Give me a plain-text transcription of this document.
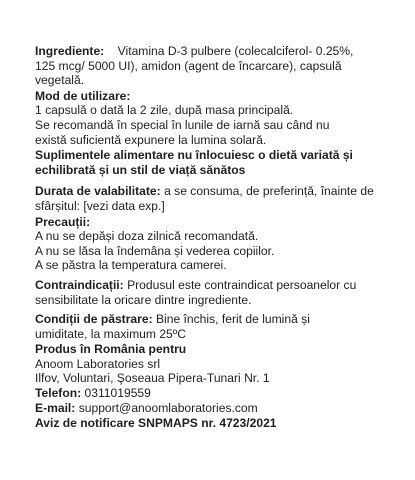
Ingrediente: Vitamina D-3 pulbere (colecalciferol- 0.25%,
125 mcg/ 5000 UI), amidon (agent de încarcare), capsulă
vegetală.
Mod de utilizare:
1 capsulă o dată la 2 zile, după masa principală.
Se recomandă în special în lunile de iarnă sau când nu
există suficientă expunere la lumina solară.
Suplimentele alimentare nu înlocuiesc o dietă variată și
echilibrată și un stil de viață sănătos
Durata de valabilitate: a se consuma, de preferință, înainte de
sfârșitul: [vezi data exp.]
Precauții:
A nu se depăși doza zilnică recomandată.
A nu se lăsa la îndemâna și vederea copiilor.
A se păstra la temperatura camerei.
Contraindicații: Produsul este contraindicat persoanelor cu
sensibilitate la oricare dintre ingrediente.
Condiții de păstrare: Bine închis, ferit de lumină și
umiditate, la maximum 25ºC
Produs în România pentru
Anoom Laboratories srl
Ilfov, Voluntari, Şoseaua Pipera-Tunari Nr. 1
Telefon: 0311019559
E-mail: support@anoomlaboratories.com
Aviz de notificare SNPMAPS nr. 4723/2021
